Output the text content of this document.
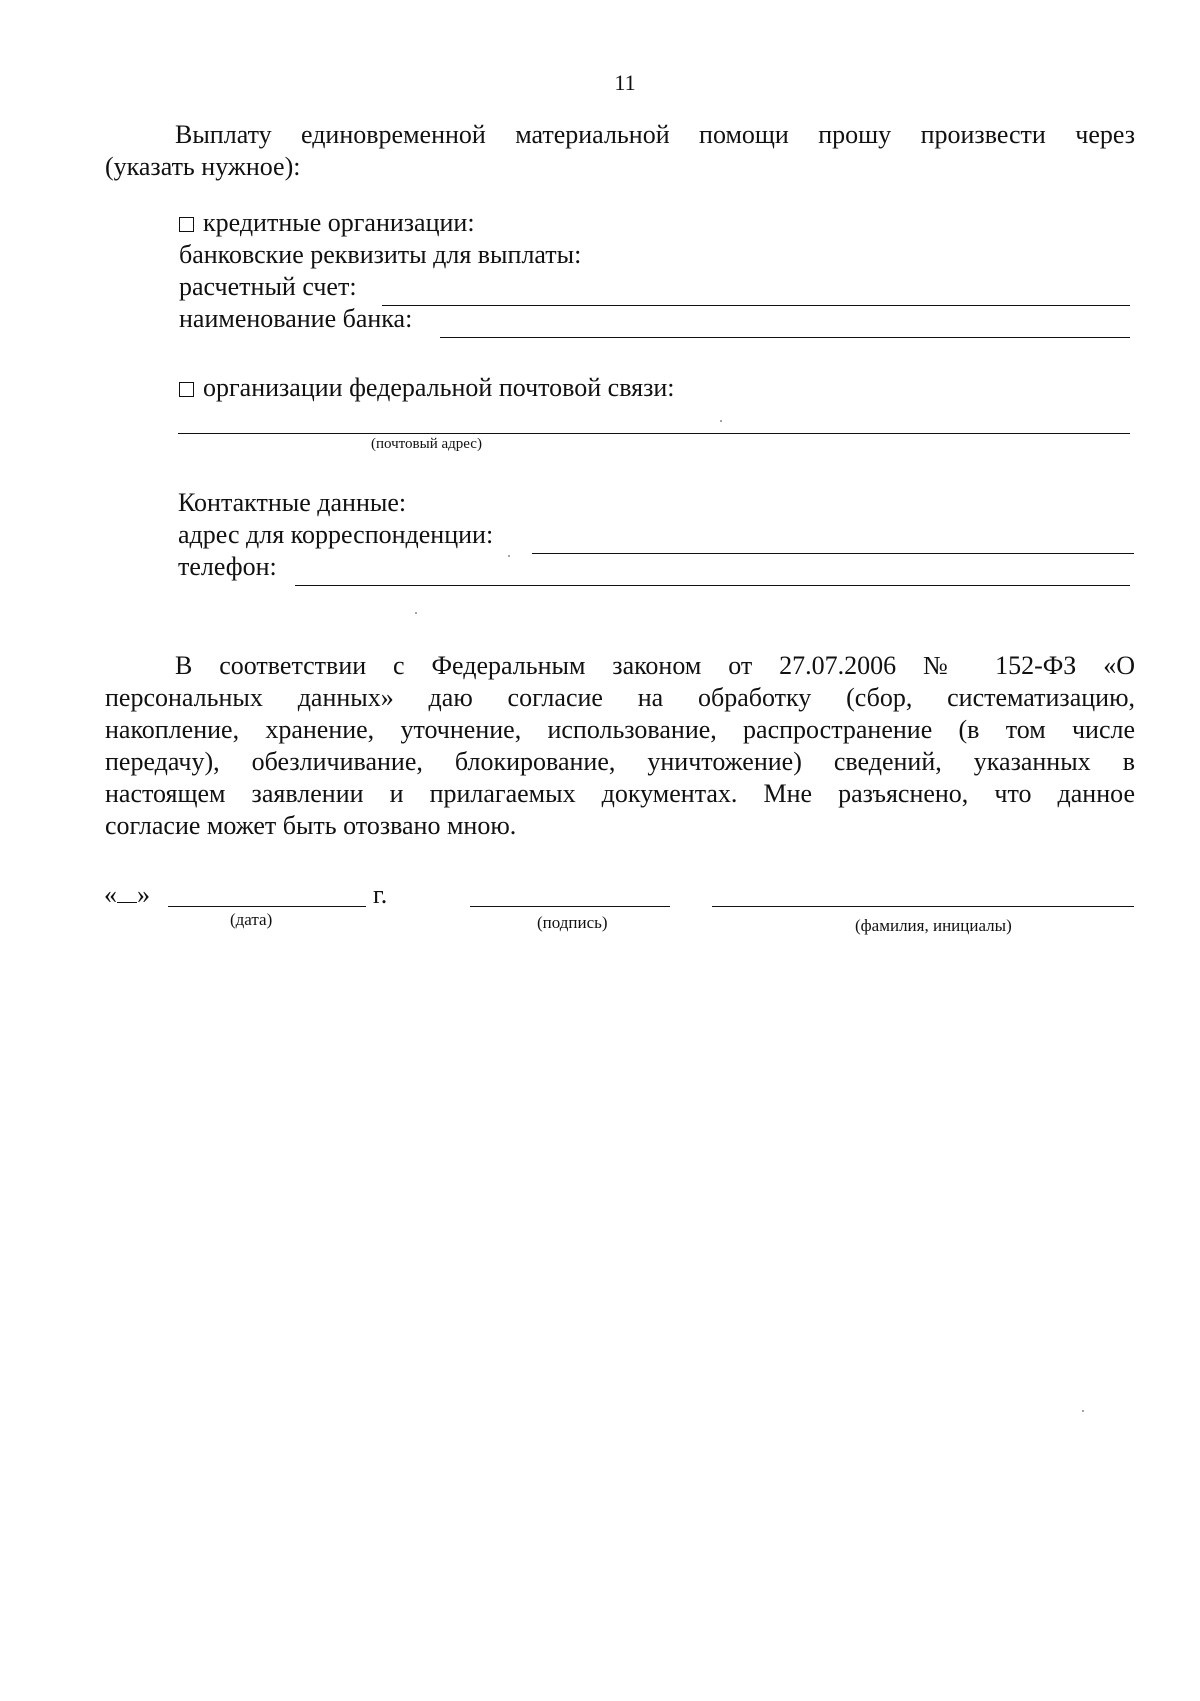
11
Выплату единовременной материальной помощи прошу произвести через
(указать нужное):
кредитные организации:
банковские реквизиты для выплаты:
расчетный счет:
наименование банка:
организации федеральной почтовой связи:
(почтовый адрес)
Контактные данные:
адрес для корреспонденции:
телефон:
В соответствии с Федеральным законом от 27.07.2006 № 152-ФЗ «О
персональных данных» даю согласие на обработку (сбор, систематизацию,
накопление, хранение, уточнение, использование, распространение (в том числе
передачу), обезличивание, блокирование, уничтожение) сведений, указанных в
настоящем заявлении и прилагаемых документах. Мне разъяснено, что данное
согласие может быть отозвано мною.
« »	г.
(дата)	(подпись)	(фамилия, инициалы)
